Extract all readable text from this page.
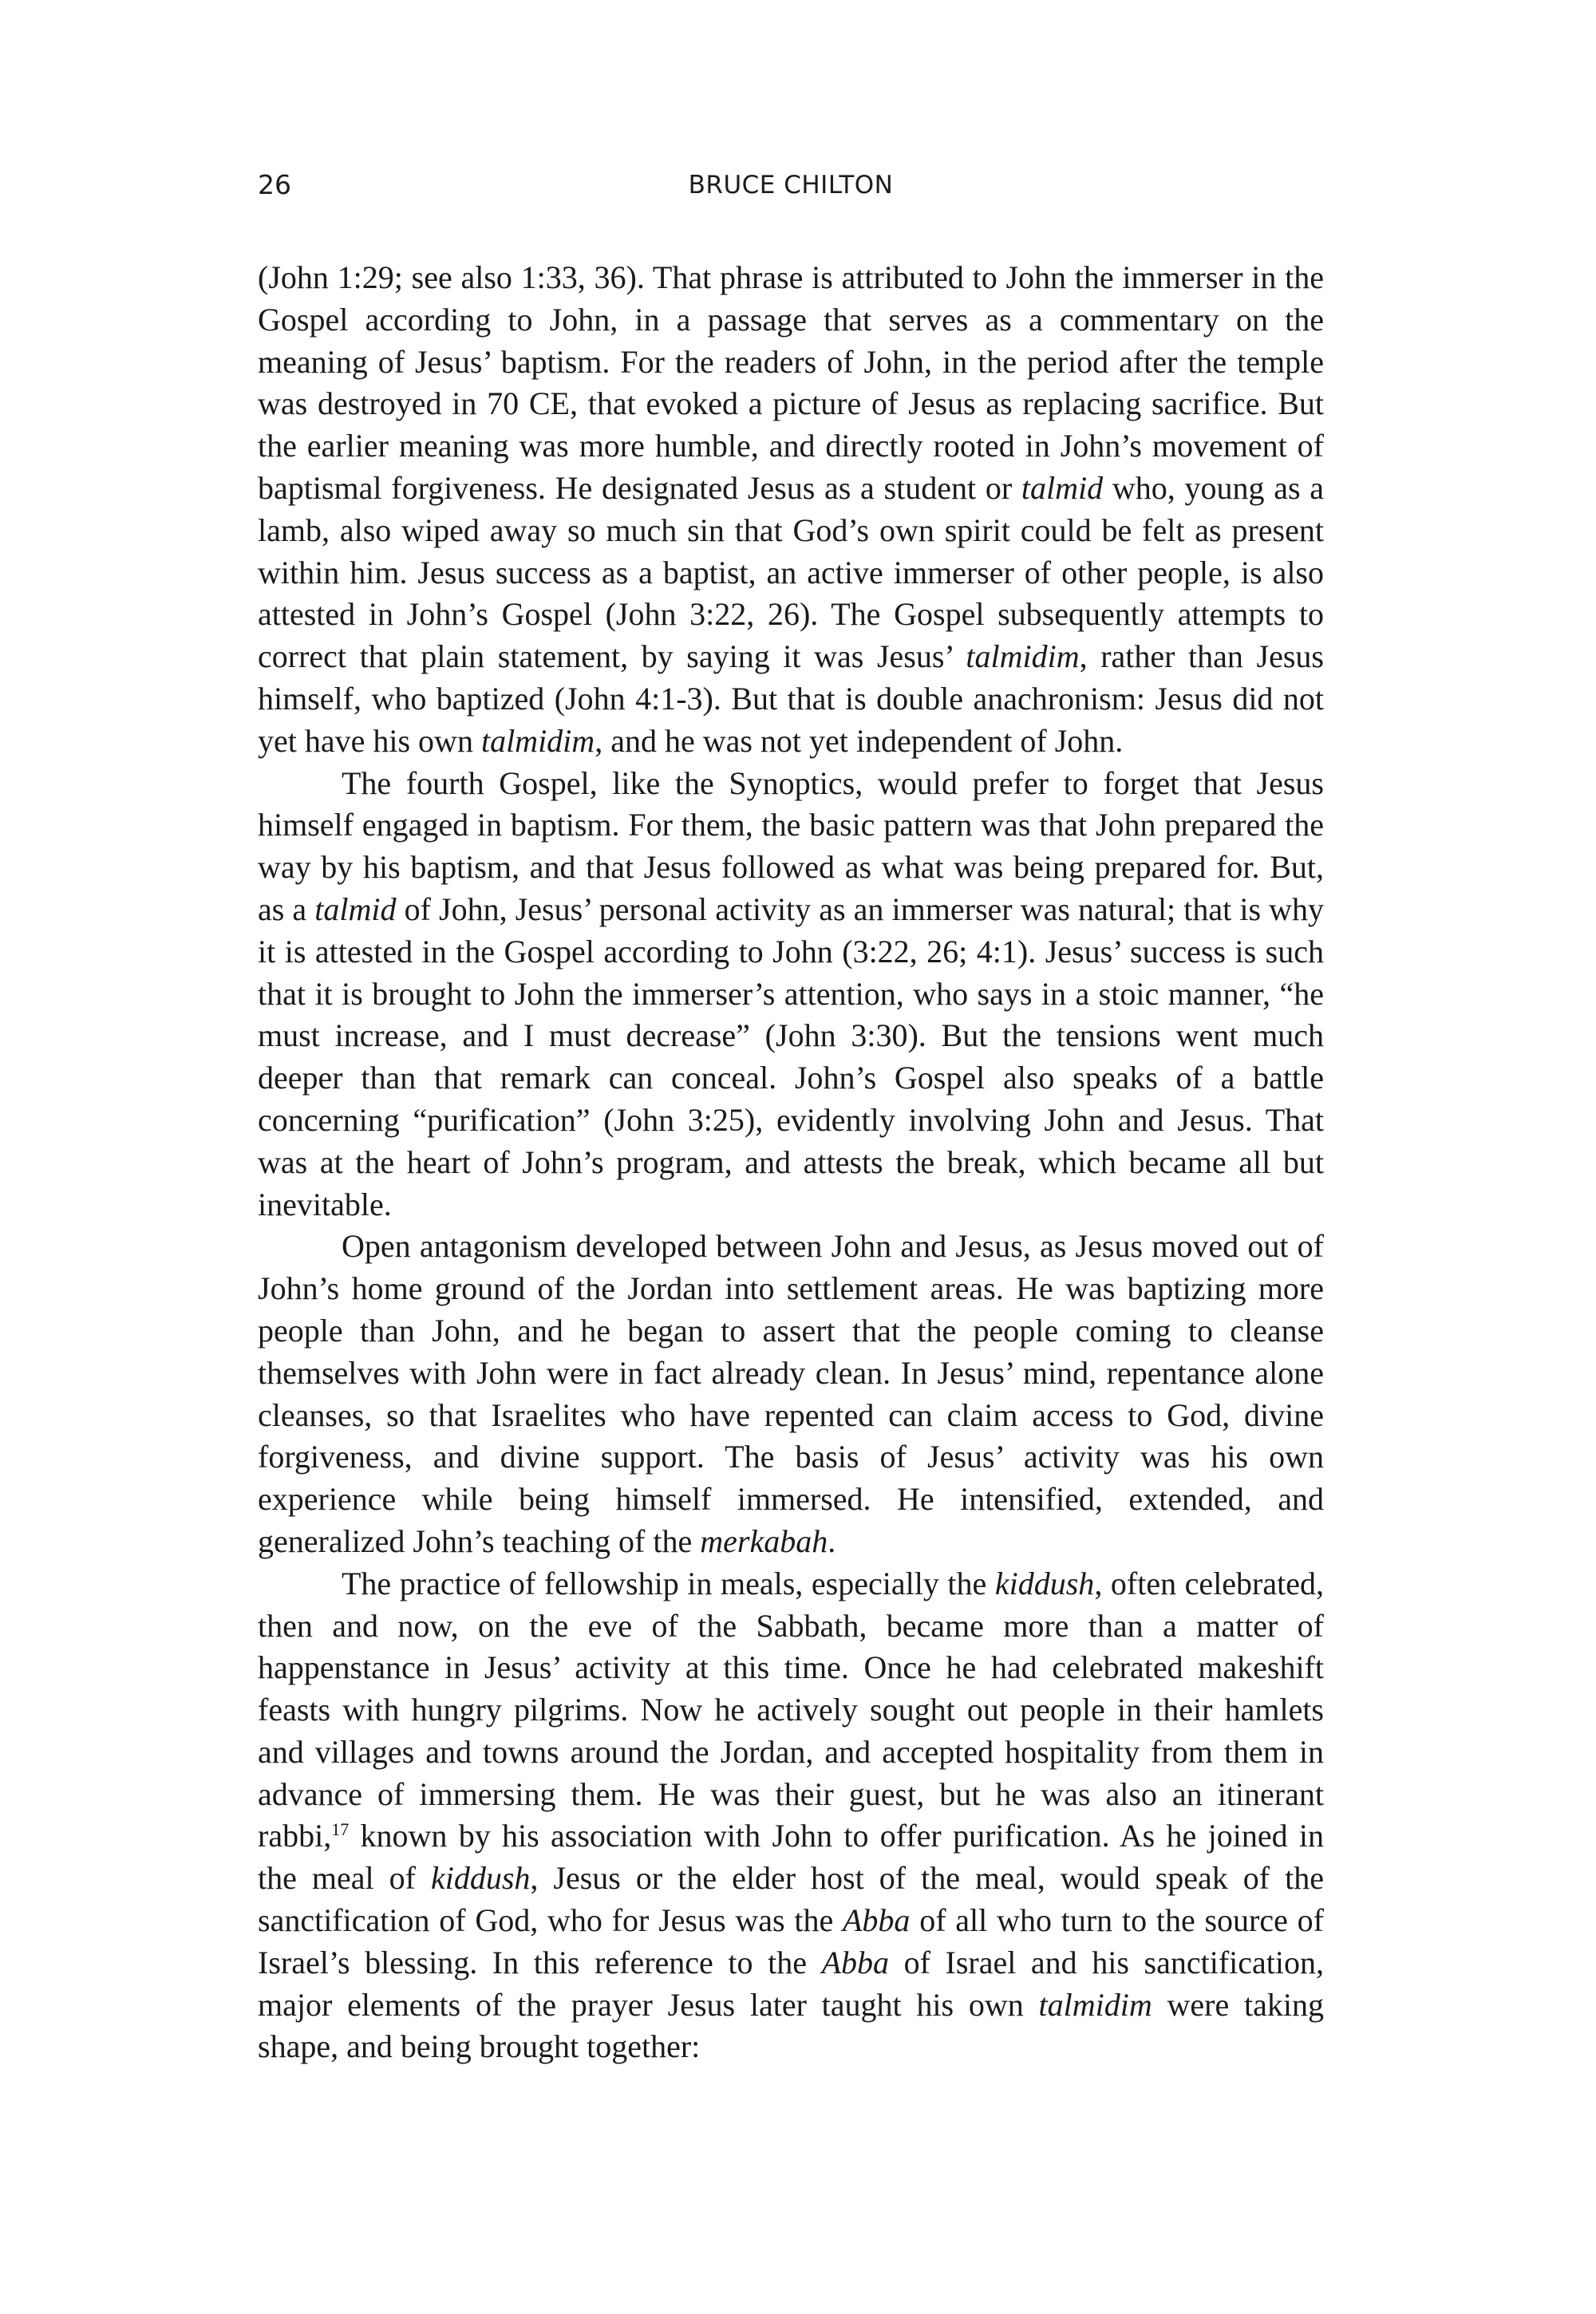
26	BRUCE CHILTON

(John 1:29; see also 1:33, 36). That phrase is attributed to John the immerser in the Gospel according to John, in a passage that serves as a commentary on the meaning of Jesus’ baptism. For the readers of John, in the period after the temple was destroyed in 70 CE, that evoked a picture of Jesus as replacing sacrifice. But the earlier meaning was more humble, and directly rooted in John’s movement of baptismal forgiveness. He designated Jesus as a student or talmid who, young as a lamb, also wiped away so much sin that God’s own spirit could be felt as present within him. Jesus success as a baptist, an active immerser of other people, is also attested in John’s Gospel (John 3:22, 26). The Gospel subsequently attempts to correct that plain statement, by saying it was Jesus’ talmidim, rather than Jesus himself, who baptized (John 4:1-3). But that is double anachronism: Jesus did not yet have his own talmidim, and he was not yet independent of John.

The fourth Gospel, like the Synoptics, would prefer to forget that Jesus himself engaged in baptism. For them, the basic pattern was that John prepared the way by his baptism, and that Jesus followed as what was being prepared for. But, as a talmid of John, Jesus’ personal activity as an immerser was natural; that is why it is attested in the Gospel according to John (3:22, 26; 4:1). Jesus’ success is such that it is brought to John the immerser’s attention, who says in a stoic manner, “he must increase, and I must decrease” (John 3:30). But the tensions went much deeper than that remark can conceal. John’s Gospel also speaks of a battle concerning “purification” (John 3:25), evidently involving John and Jesus. That was at the heart of John’s program, and attests the break, which became all but inevitable.

Open antagonism developed between John and Jesus, as Jesus moved out of John’s home ground of the Jordan into settlement areas. He was baptizing more people than John, and he began to assert that the people coming to cleanse themselves with John were in fact already clean. In Jesus’ mind, repentance alone cleanses, so that Israelites who have repented can claim access to God, divine forgiveness, and divine support. The basis of Jesus’ activity was his own experience while being himself immersed. He intensified, extended, and generalized John’s teaching of the merkabah.

The practice of fellowship in meals, especially the kiddush, often celebrated, then and now, on the eve of the Sabbath, became more than a matter of happenstance in Jesus’ activity at this time. Once he had celebrated makeshift feasts with hungry pilgrims. Now he actively sought out people in their hamlets and villages and towns around the Jordan, and accepted hospitality from them in advance of immersing them. He was their guest, but he was also an itinerant rabbi,$^{17}$ known by his association with John to offer purification. As he joined in the meal of kiddush, Jesus or the elder host of the meal, would speak of the sanctification of God, who for Jesus was the Abba of all who turn to the source of Israel’s blessing. In this reference to the Abba of Israel and his sanctification, major elements of the prayer Jesus later taught his own talmidim were taking shape, and being brought together:
